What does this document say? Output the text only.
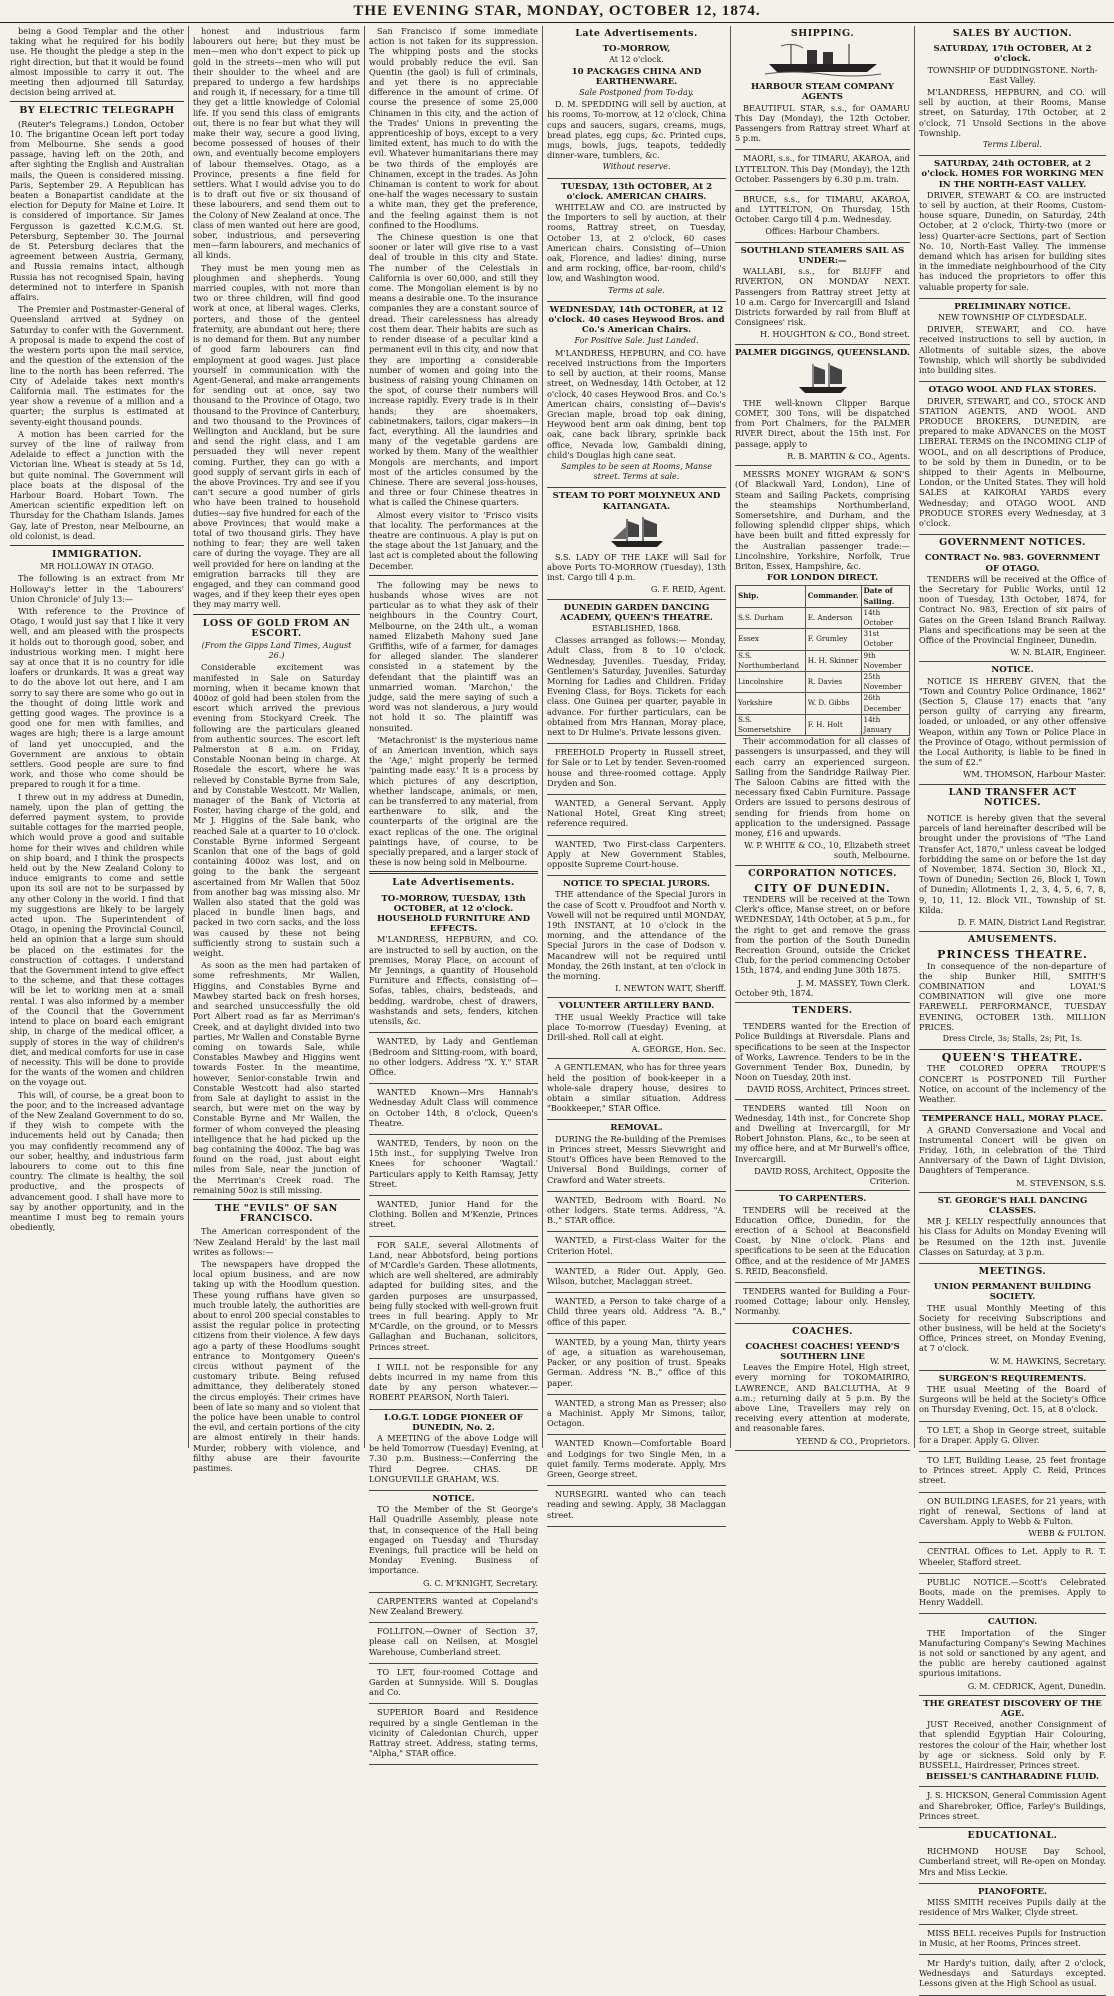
THE EVENING STAR, MONDAY, OCTOBER 12, 1874.

being a Good Templar and the other taking what he required for his bodily use. He thought the pledge a step in the right direction, but that it would be found almost impossible to carry it out. The meeting then adjourned till Saturday, decision being arrived at.

BY ELECTRIC TELEGRAPH

(Reuter's Telegrams.) London, October 10. The brigantine Ocean left port today from Melbourne. She sends a good passage, having left on the 20th, and after sighting the English and Australian mails, the Queen is considered missing. Paris, September 29. A Republican has beaten a Bonapartist candidate at the election for Deputy for Maine et Loire. It is considered of importance. Sir James Fergusson is gazetted K.C.M.G. St. Petersburg, September 30. The Journal de St. Petersburg declares that the agreement between Austria, Germany, and Russia remains intact, although Russia has not recognised Spain, having determined not to interfere in Spanish affairs.

The Premier and Postmaster-General of Queensland arrived at Sydney on Saturday to confer with the Government. A proposal is made to expend the cost of the western ports upon the mail service, and the question of the extension of the line to the north has been referred. The City of Adelaide takes next month's California mail. The estimates for the year show a revenue of a million and a quarter; the surplus is estimated at seventy-eight thousand pounds.

A motion has been carried for the survey of the line of railway from Adelaide to effect a junction with the Victorian line. Wheat is steady at 5s 1d, but quite nominal. The Government will place boats at the disposal of the Harbour Board. Hobart Town. The American scientific expedition left on Thursday for the Chatham Islands. James Gay, late of Preston, near Melbourne, an old colonist, is dead.

IMMIGRATION.
MR HOLLOWAY IN OTAGO.

The following is an extract from Mr Holloway's letter in the 'Labourers' Union Chronicle' of July 13:—

With reference to the Province of Otago, I would just say that I like it very well, and am pleased with the prospects it holds out to thorough good, sober, and industrious working men. I might here say at once that it is no country for idle loafers or drunkards. It was a great way to do the above lot out here, and I am sorry to say there are some who go out in the thought of doing little work and getting good wages. The province is a good one for men with families, and wages are high; there is a large amount of land yet unoccupied, and the Government are anxious to obtain settlers. Good people are sure to find work, and those who come should be prepared to rough it for a time.

I threw out in my address at Dunedin, namely, upon the plan of getting the deferred payment system, to provide suitable cottages for the married people, which would prove a good and suitable home for their wives and children while on ship board, and I think the prospects held out by the New Zealand Colony to induce emigrants to come and settle upon its soil are not to be surpassed by any other Colony in the world. I find that my suggestions are likely to be largely acted upon. The Superintendent of Otago, in opening the Provincial Council, held an opinion that a large sum should be placed on the estimates for the construction of cottages. I understand that the Government intend to give effect to the scheme, and that these cottages will be let to working men at a small rental. I was also informed by a member of the Council that the Government intend to place on board each emigrant ship, in charge of the medical officer, a supply of stores in the way of children's diet, and medical comforts for use in case of necessity. This will be done to provide for the wants of the women and children on the voyage out.

This will, of course, be a great boon to the poor, and to the increased advantage of the New Zealand Government to do so, if they wish to compete with the inducements held out by Canada; then you may confidently recommend any of our sober, healthy, and industrious farm labourers to come out to this fine country. The climate is healthy, the soil productive, and the prospects of advancement good. I shall have more to say by another opportunity, and in the meantime I must beg to remain yours obediently,

honest and industrious farm labourers out here; but they must be men—men who don't expect to pick up gold in the streets—men who will put their shoulder to the wheel and are prepared to undergo a few hardships and rough it, if necessary, for a time till they get a little knowledge of Colonial life. If you send this class of emigrants out, there is no fear but what they will make their way, secure a good living, become possessed of houses of their own, and eventually become employers of labour themselves. Otago, as a Province, presents a fine field for settlers. What I would advise you to do is to draft out five or six thousand of these labourers, and send them out to the Colony of New Zealand at once. The class of men wanted out here are good, sober, industrious, and persevering men—farm labourers, and mechanics of all kinds.

They must be men young men as ploughmen and shepherds. Young married couples, with not more than two or three children, will find good work at once, at liberal wages. Clerks, porters, and those of the genteel fraternity, are abundant out here; there is no demand for them. But any number of good farm labourers can find employment at good wages. Just place yourself in communication with the Agent-General, and make arrangements for sending out at once, say two thousand to the Province of Otago, two thousand to the Province of Canterbury, and two thousand to the Provinces of Wellington and Auckland, but be sure and send the right class, and I am persuaded they will never repent coming. Further, they can go with a good supply of servant girls in each of the above Provinces. Try and see if you can't secure a good number of girls who have been trained to household duties—say five hundred for each of the above Provinces; that would make a total of two thousand girls. They have nothing to fear; they are well taken care of during the voyage. They are all well provided for here on landing at the emigration barracks till they are engaged, and they can command good wages, and if they keep their eyes open they may marry well.

LOSS OF GOLD FROM AN ESCORT.
(From the Gipps Land Times, August 26.)

Considerable excitement was manifested in Sale on Saturday morning, when it became known that 400oz of gold had been stolen from the escort which arrived the previous evening from Stockyard Creek. The following are the particulars gleaned from authentic sources. The escort left Palmerston at 8 a.m. on Friday, Constable Noonan being in charge. At Rosedale the escort, where he was relieved by Constable Byrne from Sale, and by Constable Westcott. Mr Wallen, manager of the Bank of Victoria at Foster, having charge of the gold, and Mr J. Higgins of the Sale bank, who reached Sale at a quarter to 10 o'clock. Constable Byrne informed Sergeant Scanlon that one of the bags of gold containing 400oz was lost, and on going to the bank the sergeant ascertained from Mr Wallen that 50oz from another bag was missing also. Mr Wallen also stated that the gold was placed in bundle linen bags, and packed in two corn sacks, and the loss was caused by these not being sufficiently strong to sustain such a weight.

As soon as the men had partaken of some refreshments, Mr Wallen, Higgins, and Constables Byrne and Mawbey started back on fresh horses, and searched unsuccessfully the old Port Albert road as far as Merriman's Creek, and at daylight divided into two parties, Mr Wallen and Constable Byrne coming on towards Sale, while Constables Mawbey and Higgins went towards Foster. In the meantime, however, Senior-constable Irwin and Constable Westcott had also started from Sale at daylight to assist in the search, but were met on the way by Constable Byrne and Mr Wallen, the former of whom conveyed the pleasing intelligence that he had picked up the bag containing the 400oz. The bag was found on the road, just about eight miles from Sale, near the junction of the Merriman's Creek road. The remaining 50oz is still missing.

THE "EVILS" OF SAN FRANCISCO.

The American correspondent of the 'New Zealand Herald' by the last mail writes as follows:—

The newspapers have dropped the local opium business, and are now taking up with the Hoodlum question. These young ruffians have given so much trouble lately, the authorities are about to enrol 200 special constables to assist the regular police in protecting citizens from their violence. A few days ago a party of these Hoodlums sought entrance to Montgomery Queen's circus without payment of the customary tribute. Being refused admittance, they deliberately stoned the circus employés. Their crimes have been of late so many and so violent that the police have been unable to control the evil, and certain portions of the city are almost entirely in their hands. Murder, robbery with violence, and filthy abuse are their favourite pastimes.

San Francisco if some immediate action is not taken for its suppression. The whipping posts and the stocks would probably reduce the evil. San Quentin (the gaol) is full of criminals, and yet there is no appreciable difference in the amount of crime. Of course the presence of some 25,000 Chinamen in this city, and the action of the Trades' Unions in preventing the apprenticeship of boys, except to a very limited extent, has much to do with the evil. Whatever humanitarians there may be two thirds of the employés are Chinamen, except in the trades. As John Chinaman is content to work for about one-half the wages necessary to sustain a white man, they get the preference, and the feeling against them is not confined to the Hoodlums.

The Chinese question is one that sooner or later will give rise to a vast deal of trouble in this city and State. The number of the Celestials in California is over 60,000, and still they come. The Mongolian element is by no means a desirable one. To the insurance companies they are a constant source of dread. Their carelessness has already cost them dear. Their habits are such as to render disease of a peculiar kind a permanent evil in this city, and now that they are importing a considerable number of women and going into the business of raising young Chinamen on the spot, of course their numbers will increase rapidly. Every trade is in their hands; they are shoemakers, cabinetmakers, tailors, cigar makers—in fact, everything. All the laundries and many of the vegetable gardens are worked by them. Many of the wealthier Mongols are merchants, and import most of the articles consumed by the Chinese. There are several joss-houses, and three or four Chinese theatres in what is called the Chinese quarters.

Almost every visitor to 'Frisco visits that locality. The performances at the theatre are continuous. A play is put on the stage about the 1st January, and the last act is completed about the following December.

The following may be news to husbands whose wives are not particular as to what they ask of their neighbours in the Country Court, Melbourne, on the 24th ult., a woman named Elizabeth Mahony sued Jane Griffiths, wife of a farmer, for damages for alleged slander. The slanderer consisted in a statement by the defendant that the plaintiff was an unmarried woman. 'Marchon,' the judge, said the mere saying of such a word was not slanderous, a jury would not hold it so. The plaintiff was nonsuited.

'Metachronist' is the mysterious name of an American invention, which says the 'Age,' might properly be termed 'painting made easy.' It is a process by which pictures of any description, whether landscape, animals, or men, can be transferred to any material, from earthenware to silk, and the counterparts of the original are the exact replicas of the one. The original paintings have, of course, to be specially prepared, and a larger stock of these is now being sold in Melbourne.

Late Advertisements.
TO-MORROW, TUESDAY, 13th OCTOBER, at 12 o'clock.
HOUSEHOLD FURNITURE AND EFFECTS.

M'LANDRESS, HEPBURN, and CO. are instructed to sell by auction, on the premises, Moray Place, on account of Mr Jennings, a quantity of Household Furniture and Effects, consisting of—Sofas, tables, chairs, bedsteads, and bedding, wardrobe, chest of drawers, washstands and sets, fenders, kitchen utensils, &c.

WANTED, by Lady and Gentleman (Bedroom and Sitting-room, with board, no other lodgers. Address "X. Y." STAR Office.

WANTED Known—Mrs Hannah's Wednesday Adult Class will commence on October 14th, 8 o'clock, Queen's Theatre.

WANTED, Tenders, by noon on the 15th inst., for supplying Twelve Iron Knees for schooner 'Wagtail.' Particulars apply to Keith Ramsay, Jetty Street.

WANTED, Junior Hand for the Clothing. Bollen and M'Kenzie, Princes street.

FOR SALE, several Allotments of Land, near Abbotsford, being portions of M'Cardle's Garden. These allotments, which are well sheltered, are admirably adapted for building sites, and the garden purposes are unsurpassed, being fully stocked with well-grown fruit trees in full bearing. Apply to Mr M'Cardle, on the ground, or to Messrs Gallaghan and Buchanan, solicitors, Princes street.

I WILL not be responsible for any debts incurred in my name from this date by any person whatever.— ROBERT PEARSON, North Taieri.

I.O.G.T. LODGE PIONEER OF DUNEDIN, No. 2.

A MEETING of the above Lodge will be held Tomorrow (Tuesday) Evening, at 7.30 p.m. Business:—Conferring the Third Degree. CHAS. DE LONGUEVILLE GRAHAM, W.S.

NOTICE.

TO the Member of the St George's Hall Quadrille Assembly, please note that, in consequence of the Hall being engaged on Tuesday and Thursday Evenings, full practice will be held on Monday Evening. Business of importance.

G. C. M'KNIGHT, Secretary.

CARPENTERS wanted at Copeland's New Zealand Brewery.

FOLLITON.—Owner of Section 37, please call on Neilsen, at Mosgiel Warehouse, Cumberland street.

TO LET, four-roomed Cottage and Garden at Sunnyside. Will S. Douglas and Co.

SUPERIOR Board and Residence required by a single Gentleman in the vicinity of Caledonian Church, upper Rattray street. Address, stating terms, "Alpha," STAR office.

Late Advertisements.
TO-MORROW,
At 12 o'clock.
10 PACKAGES CHINA AND EARTHENWARE.
Sale Postponed from To-day.

D. M. SPEDDING will sell by auction, at his rooms, To-morrow, at 12 o'clock, China cups and saucers, sugars, creams, mugs, bread plates, egg cups, &c. Printed cups, mugs, bowls, jugs, teapots, teddedly dinner-ware, tumblers, &c.

Without reserve.
TUESDAY, 13th OCTOBER, At 2 o'clock. AMERICAN CHAIRS.

WHITELAW and CO. are instructed by the Importers to sell by auction, at their rooms, Rattray street, on Tuesday, October 13, at 2 o'clock, 60 cases American chairs. Consisting of—Union oak, Florence, and ladies' dining, nurse and arm rocking, office, bar-room, child's low, and Washington wood.

Terms at sale.
WEDNESDAY, 14th OCTOBER, at 12 o'clock. 40 cases Heywood Bros. and Co.'s American Chairs.
For Positive Sale. Just Landed.

M'LANDRESS, HEPBURN, and CO. have received instructions from the Importers to sell by auction, at their rooms, Manse street, on Wednesday, 14th October, at 12 o'clock, 40 cases Heywood Bros. and Co.'s American chairs, consisting of—Davis's Grecian maple, broad top oak dining, Heywood bent arm oak dining, bent top oak, cane back library, sprinkle back office, Nevada low, Gambaldi dining, child's Douglas high cane seat.

Samples to be seen at Rooms, Manse street. Terms at sale.
STEAM TO PORT MOLYNEUX AND KAITANGATA.

S.S. LADY OF THE LAKE will Sail for above Ports TO-MORROW (Tuesday), 13th inst. Cargo till 4 p.m.

G. F. REID, Agent.
DUNEDIN GARDEN DANCING ACADEMY, QUEEN'S THEATRE.
ESTABLISHED, 1868.

Classes arranged as follows:— Monday, Adult Class, from 8 to 10 o'clock. Wednesday, Juveniles. Tuesday, Friday, Gentlemen's Saturday, Juveniles. Saturday Morning for Ladies and Children. Friday Evening Class, for Boys. Tickets for each class. One Guinea per quarter, payable in advance. For further particulars, can be obtained from Mrs Hannan, Moray place, next to Dr Hulme's. Private lessons given.

FREEHOLD Property in Russell street, for Sale or to Let by tender. Seven-roomed house and three-roomed cottage. Apply Dryden and Son.

WANTED, a General Servant. Apply National Hotel, Great King street; reference required.

WANTED, Two First-class Carpenters. Apply at New Government Stables, opposite Supreme Court-house.

NOTICE TO SPECIAL JURORS.

THE attendance of the Special Jurors in the case of Scott v. Proudfoot and North v. Vowell will not be required until MONDAY, 19th INSTANT, at 10 o'clock in the morning, and the attendance of the Special Jurors in the case of Dodson v. Macandrew will not be required until Monday, the 26th instant, at ten o'clock in the morning.

I. NEWTON WATT, Sheriff.
VOLUNTEER ARTILLERY BAND.

THE usual Weekly Practice will take place To-morrow (Tuesday) Evening, at Drill-shed. Roll call at eight.

A. GEORGE, Hon. Sec.

A GENTLEMAN, who has for three years held the position of book-keeper in a whole-sale drapery house, desires to obtain a similar situation. Address "Bookkeeper," STAR Office.

REMOVAL.

DURING the Re-building of the Premises in Princes street, Messrs Sievwright and Stout's Offices have been Removed to the Universal Bond Buildings, corner of Crawford and Water streets.

WANTED, Bedroom with Board. No other lodgers. State terms. Address, "A. B.," STAR office.

WANTED, a First-class Waiter for the Criterion Hotel.

WANTED, a Rider Out. Apply, Geo. Wilson, butcher, Maclaggan street.

WANTED, a Person to take charge of a Child three years old. Address "A. B.," office of this paper.

WANTED, by a young Man, thirty years of age, a situation as warehouseman, Packer, or any position of trust. Speaks German. Address "N. B.," office of this paper.

WANTED, a strong Man as Presser; also a Machinist. Apply Mr Simons, tailor, Octagon.

WANTED Known—Comfortable Board and Lodgings for two Single Men, in a quiet family. Terms moderate. Apply, Mrs Green, George street.

NURSEGIRL wanted who can teach reading and sewing. Apply, 38 Maclaggan street.

SHIPPING.
HARBOUR STEAM COMPANY AGENTS

BEAUTIFUL STAR, s.s., for OAMARU This Day (Monday), the 12th October. Passengers from Rattray street Wharf at 5 p.m.

MAORI, s.s., for TIMARU, AKAROA, and LYTTELTON. This Day (Monday), the 12th October. Passengers by 6.30 p.m. train.

BRUCE, s.s., for TIMARU, AKAROA, and LYTTELTON, On Thursday, 15th October. Cargo till 4 p.m. Wednesday.

Offices: Harbour Chambers.
SOUTHLAND STEAMERS SAIL AS UNDER:—

WALLABI, s.s., for BLUFF and RIVERTON, ON MONDAY NEXT. Passengers from Rattray street Jetty at 10 a.m. Cargo for Invercargill and Island Districts forwarded by rail from Bluff at Consignees' risk.

H. HOUGHTON & CO., Bond street.
PALMER DIGGINGS, QUEENSLAND.

THE well-known Clipper Barque COMET, 300 Tons, will be dispatched from Port Chalmers, for the PALMER RIVER Direct, about the 15th inst. For passage, apply to

R. B. MARTIN & CO., Agents.

MESSRS MONEY WIGRAM & SON'S (Of Blackwall Yard, London), Line of Steam and Sailing Packets, comprising the steamships Northumberland, Somersetshire, and Durham, and the following splendid clipper ships, which have been built and fitted expressly for the Australian passenger trade:—Lincolnshire, Yorkshire, Norfolk, True Briton, Essex, Hampshire, &c.

FOR LONDON DIRECT.
Ship.	Commander.	Date of Sailing.
S.S. Durham	E. Anderson	14th October
Essex	F. Grumley	31st October
S.S. Northumberland	H. H. Skinner	9th November
Lincolnshire	R. Davies	25th November
Yorkshire	W. D. Gibbs	26th December
S.S. Somersetshire	F. H. Holt	14th January

Their accommodation for all classes of passengers is unsurpassed, and they will each carry an experienced surgeon. Sailing from the Sandridge Railway Pier. The Saloon Cabins are fitted with the necessary fixed Cabin Furniture. Passage Orders are issued to persons desirous of sending for friends from home on application to the undersigned. Passage money, £16 and upwards.

W. P. WHITE & CO., 10, Elizabeth street south, Melbourne.
CORPORATION NOTICES.
CITY OF DUNEDIN.

TENDERS will be received at the Town Clerk's office, Manse street, on or before WEDNESDAY, 14th October, at 5 p.m., for the right to get and remove the grass from the portion of the South Dunedin Recreation Ground, outside the Cricket Club, for the period commencing October 15th, 1874, and ending June 30th 1875.

J. M. MASSEY, Town Clerk.
October 9th, 1874.
TENDERS.

TENDERS wanted for the Erection of Police Buildings at Riversdale. Plans and specifications to be seen at the Inspector of Works, Lawrence. Tenders to be in the Government Tender Box, Dunedin, by Noon on Tuesday, 20th inst.

DAVID ROSS, Architect, Princes street.

TENDERS wanted till Noon on Wednesday, 14th inst., for Concrete Shop and Dwelling at Invercargill, for Mr Robert Johnston. Plans, &c., to be seen at my office here, and at Mr Burwell's office, Invercargill.

DAVID ROSS, Architect, Opposite the Criterion.
TO CARPENTERS.

TENDERS will be received at the Education Office, Dunedin, for the erection of a School at Beaconsfield Coast, by Nine o'clock. Plans and specifications to be seen at the Education Office, and at the residence of Mr JAMES S. REID, Beaconsfield.

TENDERS wanted for Building a Four-roomed Cottage; labour only. Hensley, Normanby.

COACHES.
COACHES! COACHES! YEEND'S SOUTHERN LINE

Leaves the Empire Hotel, High street, every morning for TOKOMAIRIRO, LAWRENCE, AND BALCLUTHA, At 9 a.m.; returning daily at 5 p.m. By the above Line, Travellers may rely on receiving every attention at moderate, and reasonable fares.

YEEND & CO., Proprietors.
SALES BY AUCTION.
SATURDAY, 17th OCTOBER, At 2 o'clock.
TOWNSHIP OF DUDDINGSTONE. North-East Valley.

M'LANDRESS, HEPBURN, and CO. will sell by auction, at their Rooms, Manse street, on Saturday, 17th October, at 2 o'clock, 71 Unsold Sections in the above Township.

Terms Liberal.
SATURDAY, 24th OCTOBER, at 2 o'clock. HOMES FOR WORKING MEN IN THE NORTH-EAST VALLEY.

DRIVER, STEWART & CO. are instructed to sell by auction, at their Rooms, Custom-house square, Dunedin, on Saturday, 24th October, at 2 o'clock, Thirty-two (more or less) Quarter-acre Sections, part of Section No. 10, North-East Valley. The immense demand which has arisen for building sites in the immediate neighbourhood of the City has induced the proprietors to offer this valuable property for sale.

PRELIMINARY NOTICE.
NEW TOWNSHIP OF CLYDESDALE.

DRIVER, STEWART, and CO. have received instructions to sell by auction, in Allotments of suitable sizes, the above Township, which will shortly be subdivided into building sites.

OTAGO WOOL AND FLAX STORES.

DRIVER, STEWART, and CO., STOCK AND STATION AGENTS, AND WOOL AND PRODUCE BROKERS, DUNEDIN, are prepared to make ADVANCES on the MOST LIBERAL TERMS on the INCOMING CLIP of WOOL, and on all descriptions of Produce, to be sold by them in Dunedin, or to be shipped to their Agents in Melbourne, London, or the United States. They will hold SALES at KAIKORAI YARDS every Wednesday; and OTAGO WOOL AND PRODUCE STORES every Wednesday, at 3 o'clock.

GOVERNMENT NOTICES.
CONTRACT No. 983. GOVERNMENT OF OTAGO.

TENDERS will be received at the Office of the Secretary for Public Works, until 12 noon of Tuesday, 13th October, 1874, for Contract No. 983, Erection of six pairs of Gates on the Green Island Branch Railway. Plans and specifications may be seen at the Office of the Provincial Engineer, Dunedin.

W. N. BLAIR, Engineer.
NOTICE.

NOTICE IS HEREBY GIVEN, that the "Town and Country Police Ordinance, 1862" (Section 5, Clause 17) enacts that "any person guilty of carrying any firearm, loaded, or unloaded, or any other offensive Weapon, within any Town or Police Place in the Province of Otago, without permission of the Local Authority, is liable to be fined in the sum of £2."

WM. THOMSON, Harbour Master.
LAND TRANSFER ACT NOTICES.

NOTICE is hereby given that the several parcels of land hereinafter described will be brought under the provisions of "The Land Transfer Act, 1870," unless caveat be lodged forbidding the same on or before the 1st day of November, 1874. Section 30, Block XI., Town of Dunedin; Section 26, Block I, Town of Dunedin; Allotments 1, 2, 3, 4, 5, 6, 7, 8, 9, 10, 11, 12. Block VII., Township of St. Kilda.

D. F. MAIN, District Land Registrar.
AMUSEMENTS.
PRINCESS THEATRE.

In consequence of the non-departure of the ship Bunker Hill, SMITH'S COMBINATION and LOYAL'S COMBINATION will give one more FAREWELL PERFORMANCE, TUESDAY EVENING, OCTOBER 13th. MILLION PRICES.

Dress Circle, 3s; Stalls, 2s; Pit, 1s.
QUEEN'S THEATRE.

THE COLORED OPERA TROUPE'S CONCERT is POSTPONED Till Further Notice, on account of the inclemency of the Weather.

TEMPERANCE HALL, MORAY PLACE.

A GRAND Conversazione and Vocal and Instrumental Concert will be given on Friday, 16th, in celebration of the Third Anniversary of the Dawn of Light Division, Daughters of Temperance.

M. STEVENSON, S.S.
ST. GEORGE'S HALL DANCING CLASSES.

MR J. KELLY respectfully announces that his Class for Adults on Monday Evening will be Resumed on the 12th inst. Juvenile Classes on Saturday, at 3 p.m.

MEETINGS.
UNION PERMANENT BUILDING SOCIETY.

THE usual Monthly Meeting of this Society for receiving Subscriptions and other business, will be held at the Society's Office, Princes street, on Monday Evening, at 7 o'clock.

W. M. HAWKINS, Secretary.
SURGEON'S REQUIREMENTS.

THE usual Meeting of the Board of Surgeons will be held at the Society's Office on Thursday Evening, Oct. 15, at 8 o'clock.

TO LET, a Shop in George street, suitable for a Draper. Apply G. Oliver.

TO LET, Building Lease, 25 feet frontage to Princes street. Apply C. Reid, Princes street.

ON BUILDING LEASES, for 21 years, with right of renewal, Sections of land at Caversham. Apply to Webb & Fulton.

WEBB & FULTON.

CENTRAL Offices to Let. Apply to R. T. Wheeler, Stafford street.

PUBLIC NOTICE.—Scott's Celebrated Boots, made on the premises. Apply to Henry Waddell.

CAUTION.

THE Importation of the Singer Manufacturing Company's Sewing Machines is not sold or sanctioned by any agent, and the public are hereby cautioned against spurious imitations.

G. M. CEDRICK, Agent, Dunedin.
THE GREATEST DISCOVERY OF THE AGE.

JUST Received, another Consignment of that splendid Egyptian Hair Colouring, restores the colour of the Hair, whether lost by age or sickness. Sold only by F. BUSSELL, Hairdresser, Princes street.

BEISSEL'S CANTHARADINE FLUID.

J. S. HICKSON, General Commission Agent and Sharebroker, Office, Farley's Buildings, Princes street.

EDUCATIONAL.

RICHMOND HOUSE Day School, Cumberland street, will Re-open on Monday. Mrs and Miss Leckie.

PIANOFORTE.

MISS SMITH receives Pupils daily at the residence of Mrs Walker, Clyde street.

MISS BELL receives Pupils for Instruction in Music, at her Rooms, Princes street.

Mr Hardy's tuition, daily, after 2 o'clock, Wednesdays and Saturdays excepted. Lessons given at the High School as usual.
